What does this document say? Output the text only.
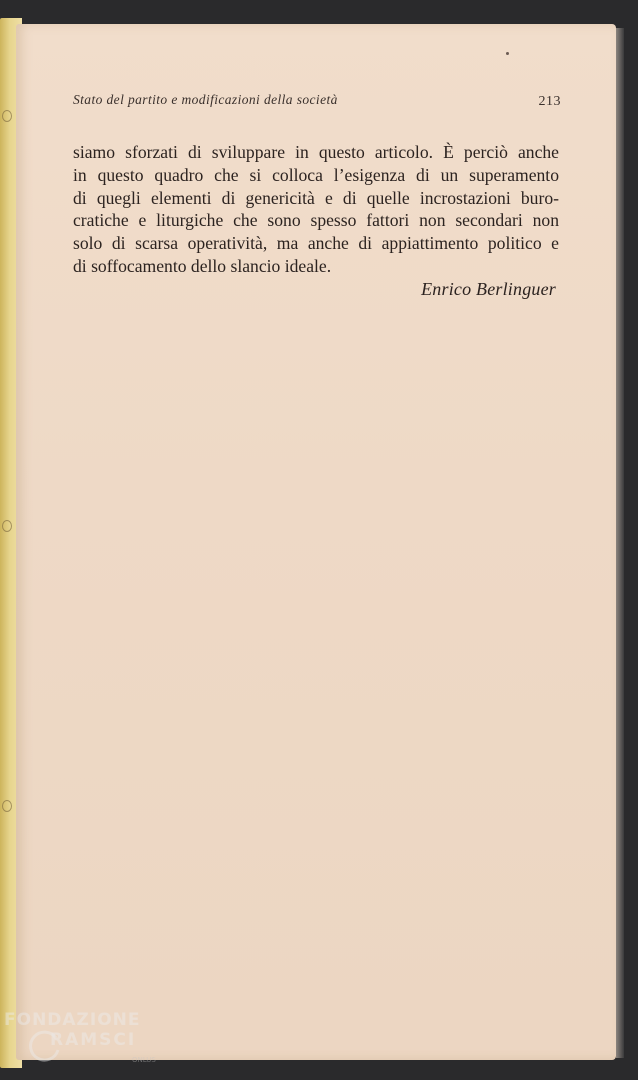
Stato del partito e modificazioni della società	213
siamo sforzati di sviluppare in questo articolo. È perciò anche
in questo quadro che si colloca l’esigenza di un superamento
di quegli elementi di genericità e di quelle incrostazioni buro-
cratiche e liturgiche che sono spesso fattori non secondari non
solo di scarsa operatività, ma anche di appiattimento politico e
di soffocamento dello slancio ideale.
Enrico Berlinguer
FONDAZIONE
RAMSCI
ONLUS
